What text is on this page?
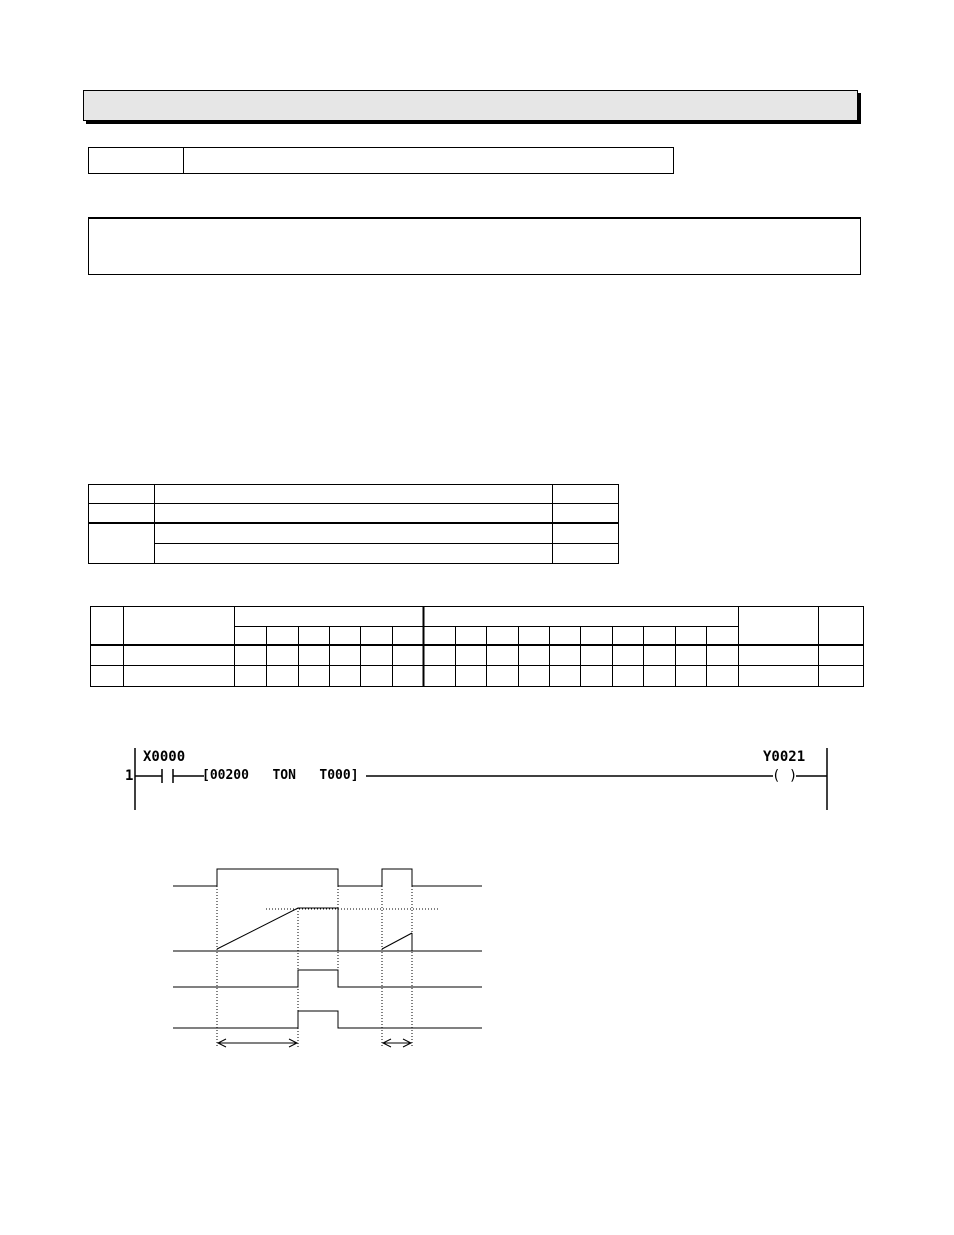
1
X0000
[00200   TON   T000]
Y0021
( )
